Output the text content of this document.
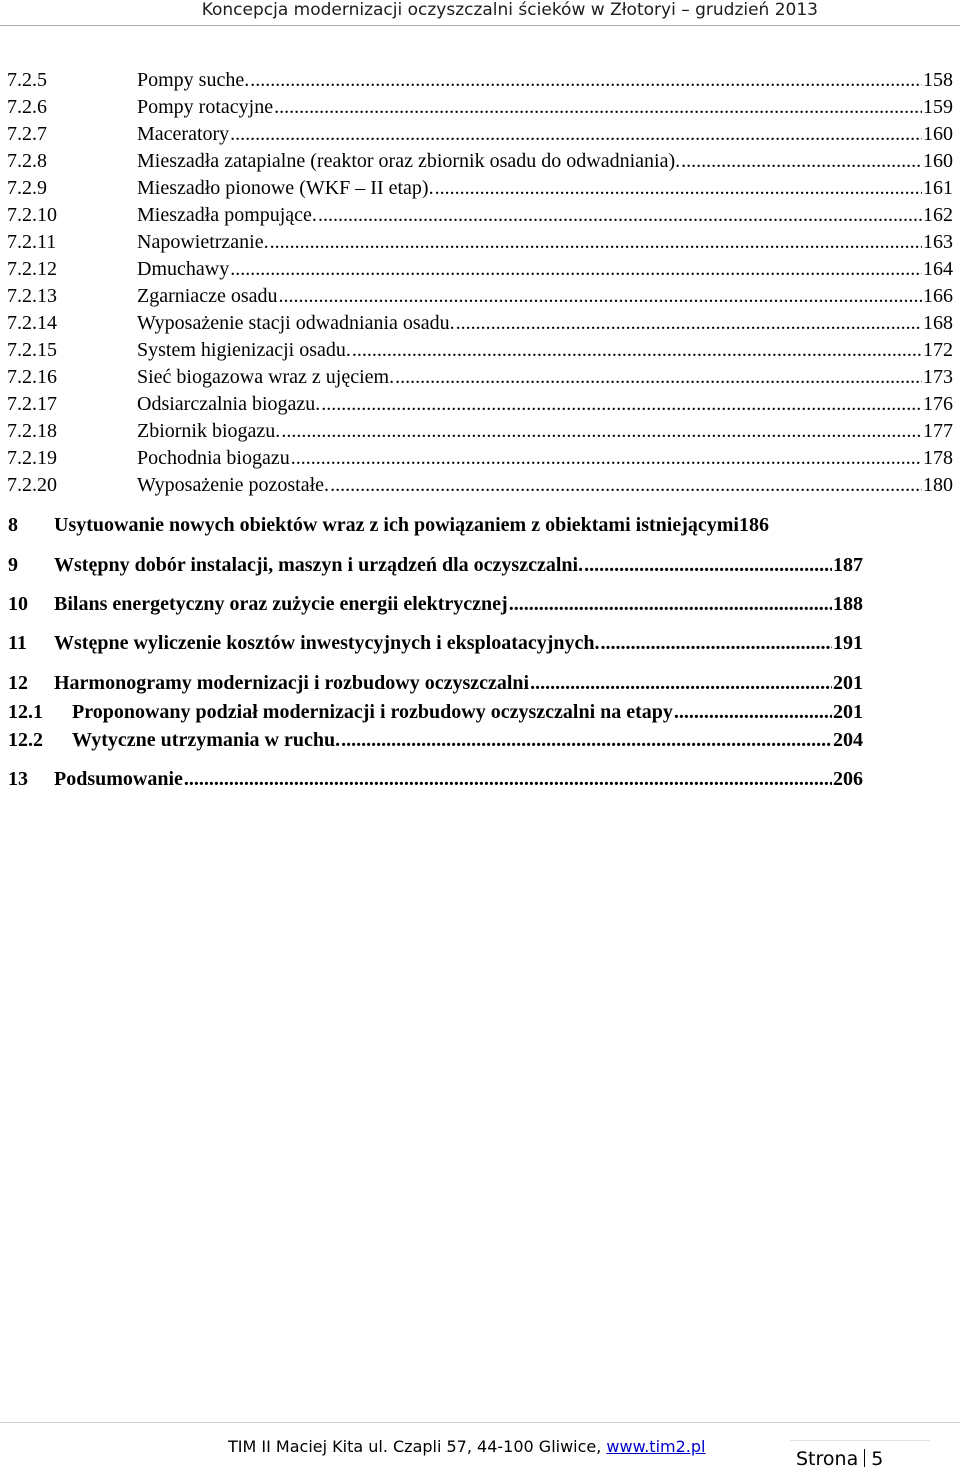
Koncepcja modernizacji oczyszczalni ścieków w Złotoryi – grudzień 2013
7.2.5	Pompy suche. .....	158
7.2.6	Pompy rotacyjne .....	159
7.2.7	Maceratory .....	160
7.2.8	Mieszadła zatapialne (reaktor oraz zbiornik osadu do odwadniania). .....	160
7.2.9	Mieszadło pionowe (WKF – II etap). .....	161
7.2.10	Mieszadła pompujące. .....	162
7.2.11	Napowietrzanie. .....	163
7.2.12	Dmuchawy .....	164
7.2.13	Zgarniacze osadu .....	166
7.2.14	Wyposażenie stacji odwadniania osadu. .....	168
7.2.15	System higienizacji osadu. .....	172
7.2.16	Sieć biogazowa wraz z ujęciem. .....	173
7.2.17	Odsiarczalnia biogazu. .....	176
7.2.18	Zbiornik biogazu. .....	177
7.2.19	Pochodnia biogazu .....	178
7.2.20	Wyposażenie pozostałe. .....	180
8	Usytuowanie nowych obiektów wraz z ich powiązaniem z obiektami istniejącymi 186
9	Wstępny dobór instalacji, maszyn i urządzeń dla oczyszczalni. .....	187
10	Bilans energetyczny oraz zużycie energii elektrycznej .....	188
11	Wstępne wyliczenie kosztów inwestycyjnych i eksploatacyjnych. .....	191
12	Harmonogramy modernizacji i rozbudowy oczyszczalni .....	201
12.1	Proponowany podział modernizacji i rozbudowy oczyszczalni na etapy .....	201
12.2	Wytyczne utrzymania w ruchu. .....	204
13	Podsumowanie .....	206
TIM II Maciej Kita ul. Czapli 57, 44-100 Gliwice, www.tim2.pl
Strona 5
